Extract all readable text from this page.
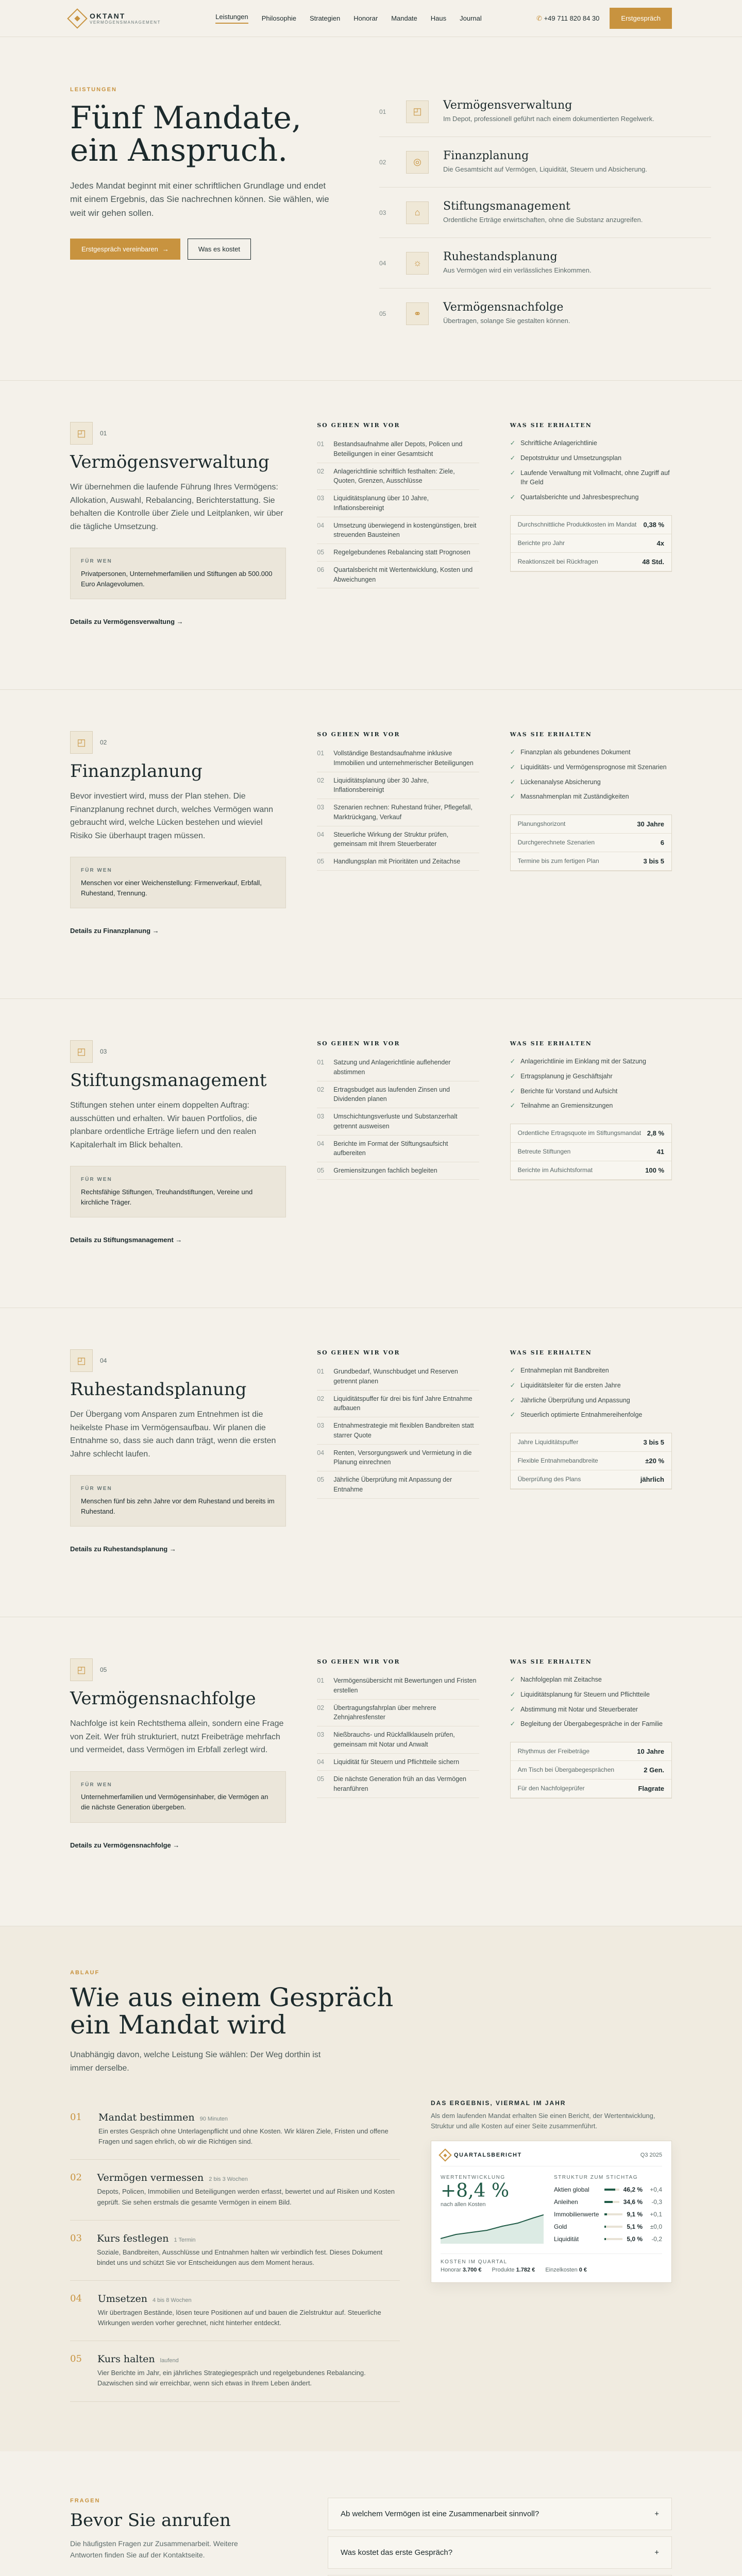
OKTANT
VERMÖGENSMANAGEMENT
Leistungen Philosophie Strategien Honorar Mandate Haus Journal	✆ +49 711 820 84 30	Erstgespräch
LEISTUNGEN
Fünf Mandate,
ein Anspruch.

Jedes Mandat beginnt mit einer schriftlichen Grundlage und endet mit einem Ergebnis, das Sie nachrechnen können. Sie wählen, wie weit wir gehen sollen.

Erstgespräch vereinbaren →	Was es kostet
01	◰	Vermögensverwaltung

Im Depot, professionell geführt nach einem dokumentierten Regelwerk.

02	◎	Finanzplanung

Die Gesamtsicht auf Vermögen, Liquidität, Steuern und Absicherung.

03	⌂	Stiftungsmanagement

Ordentliche Erträge erwirtschaften, ohne die Substanz anzugreifen.

04	☼	Ruhestandsplanung

Aus Vermögen wird ein verlässliches Einkommen.

05	⚭	Vermögensnachfolge

Übertragen, solange Sie gestalten können.

◰	01
Vermögensverwaltung

Wir übernehmen die laufende Führung Ihres Vermögens: Allokation, Auswahl, Rebalancing, Berichterstattung. Sie behalten die Kontrolle über Ziele und Leitplanken, wir über die tägliche Umsetzung.

FÜR WEN
Privatpersonen, Unternehmerfamilien und Stiftungen ab 500.000 Euro Anlagevolumen.
Details zu Vermögensverwaltung →
SO GEHEN WIR VOR
01	Bestandsaufnahme aller Depots, Policen und Beteiligungen in einer Gesamtsicht
02	Anlagerichtlinie schriftlich festhalten: Ziele, Quoten, Grenzen, Ausschlüsse
03	Liquiditätsplanung über 10 Jahre, Inflationsbereinigt
04	Umsetzung überwiegend in kostengünstigen, breit streuenden Bausteinen
05	Regelgebundenes Rebalancing statt Prognosen
06	Quartalsbericht mit Wertentwicklung, Kosten und Abweichungen
WAS SIE ERHALTEN
✓ Schriftliche Anlagerichtlinie
✓ Depotstruktur und Umsetzungsplan
✓ Laufende Verwaltung mit Vollmacht, ohne Zugriff auf Ihr Geld
✓ Quartalsberichte und Jahresbesprechung
Durchschnittliche Produktkosten im Mandat 0,38 %
Berichte pro Jahr	4x
Reaktionszeit bei Rückfragen	48 Std.
◰	02
Finanzplanung

Bevor investiert wird, muss der Plan stehen. Die Finanzplanung rechnet durch, welches Vermögen wann gebraucht wird, welche Lücken bestehen und wieviel Risiko Sie überhaupt tragen müssen.

FÜR WEN
Menschen vor einer Weichenstellung: Firmenverkauf, Erbfall, Ruhestand, Trennung.
Details zu Finanzplanung →
SO GEHEN WIR VOR
01	Vollständige Bestandsaufnahme inklusive Immobilien und unternehmerischer Beteiligungen
02	Liquiditätsplanung über 30 Jahre, Inflationsbereinigt
03	Szenarien rechnen: Ruhestand früher, Pflegefall, Marktrückgang, Verkauf
04	Steuerliche Wirkung der Struktur prüfen, gemeinsam mit Ihrem Steuerberater
05	Handlungsplan mit Prioritäten und Zeitachse
WAS SIE ERHALTEN
✓ Finanzplan als gebundenes Dokument
✓ Liquiditäts- und Vermögensprognose mit Szenarien
✓ Lückenanalyse Absicherung
✓ Massnahmenplan mit Zuständigkeiten
Planungshorizont	30 Jahre
Durchgerechnete Szenarien	6
Termine bis zum fertigen Plan	3 bis 5
◰	03
Stiftungsmanagement

Stiftungen stehen unter einem doppelten Auftrag: ausschütten und erhalten. Wir bauen Portfolios, die planbare ordentliche Erträge liefern und den realen Kapitalerhalt im Blick behalten.

FÜR WEN
Rechtsfähige Stiftungen, Treuhandstiftungen, Vereine und kirchliche Träger.
Details zu Stiftungsmanagement →
SO GEHEN WIR VOR
01	Satzung und Anlagerichtlinie auflehender abstimmen
02	Ertragsbudget aus laufenden Zinsen und Dividenden planen
03	Umschichtungsverluste und Substanzerhalt getrennt ausweisen
04	Berichte im Format der Stiftungsaufsicht aufbereiten
05	Gremiensitzungen fachlich begleiten
WAS SIE ERHALTEN
✓ Anlagerichtlinie im Einklang mit der Satzung
✓ Ertragsplanung je Geschäftsjahr
✓ Berichte für Vorstand und Aufsicht
✓ Teilnahme an Gremiensitzungen
Ordentliche Ertragsquote im Stiftungsmandat 2,8 %
Betreute Stiftungen	41
Berichte im Aufsichtsformat	100 %
◰	04
Ruhestandsplanung

Der Übergang vom Ansparen zum Entnehmen ist die heikelste Phase im Vermögensaufbau. Wir planen die Entnahme so, dass sie auch dann trägt, wenn die ersten Jahre schlecht laufen.

FÜR WEN
Menschen fünf bis zehn Jahre vor dem Ruhestand und bereits im Ruhestand.
Details zu Ruhestandsplanung →
SO GEHEN WIR VOR
01	Grundbedarf, Wunschbudget und Reserven getrennt planen
02	Liquiditätspuffer für drei bis fünf Jahre Entnahme aufbauen
03	Entnahmestrategie mit flexiblen Bandbreiten statt starrer Quote
04	Renten, Versorgungswerk und Vermietung in die Planung einrechnen
05	Jährliche Überprüfung mit Anpassung der Entnahme
WAS SIE ERHALTEN
✓ Entnahmeplan mit Bandbreiten
✓ Liquiditätsleiter für die ersten Jahre
✓ Jährliche Überprüfung und Anpassung
✓ Steuerlich optimierte Entnahmereihenfolge
Jahre Liquiditätspuffer	3 bis 5
Flexible Entnahmebandbreite	±20 %
Überprüfung des Plans	jährlich
◰	05
Vermögensnachfolge

Nachfolge ist kein Rechtsthema allein, sondern eine Frage von Zeit. Wer früh strukturiert, nutzt Freibeträge mehrfach und vermeidet, dass Vermögen im Erbfall zerlegt wird.

FÜR WEN
Unternehmerfamilien und Vermögensinhaber, die Vermögen an die nächste Generation übergeben.
Details zu Vermögensnachfolge →
SO GEHEN WIR VOR
01	Vermögensübersicht mit Bewertungen und Fristen erstellen
02	Übertragungsfahrplan über mehrere Zehnjahresfenster
03	Nießbrauchs- und Rückfallklauseln prüfen, gemeinsam mit Notar und Anwalt
04	Liquidität für Steuern und Pflichtteile sichern
05	Die nächste Generation früh an das Vermögen heranführen
WAS SIE ERHALTEN
✓ Nachfolgeplan mit Zeitachse
✓ Liquiditätsplanung für Steuern und Pflichtteile
✓ Abstimmung mit Notar und Steuerberater
✓ Begleitung der Übergabegespräche in der Familie
Rhythmus der Freibeträge	10 Jahre
Am Tisch bei Übergabegesprächen	2 Gen.
Für den Nachfolgeprüfer	Flagrate
ABLAUF
Wie aus einem Gespräch
ein Mandat wird

Unabhängig davon, welche Leistung Sie wählen: Der Weg dorthin ist immer derselbe.

01 Mandat bestimmen 90 Minuten

Ein erstes Gespräch ohne Unterlagenpflicht und ohne Kosten. Wir klären Ziele, Fristen und offene Fragen und sagen ehrlich, ob wir die Richtigen sind.

02 Vermögen vermessen 2 bis 3 Wochen

Depots, Policen, Immobilien und Beteiligungen werden erfasst, bewertet und auf Risiken und Kosten geprüft. Sie sehen erstmals die gesamte Vermögen in einem Bild.

03 Kurs festlegen 1 Termin

Soziale, Bandbreiten, Ausschlüsse und Entnahmen halten wir verbindlich fest. Dieses Dokument bindet uns und schützt Sie vor Entscheidungen aus dem Moment heraus.

04 Umsetzen 4 bis 8 Wochen

Wir übertragen Bestände, lösen teure Positionen auf und bauen die Zielstruktur auf. Steuerliche Wirkungen werden vorher gerechnet, nicht hinterher entdeckt.

05 Kurs halten laufend

Vier Berichte im Jahr, ein jährliches Strategiegespräch und regelgebundenes Rebalancing. Dazwischen sind wir erreichbar, wenn sich etwas in Ihrem Leben ändert.

DAS ERGEBNIS, VIERMAL IM JAHR

Als dem laufenden Mandat erhalten Sie einen Bericht, der Wertentwicklung, Struktur und alle Kosten auf einer Seite zusammenführt.

QUARTALSBERICHT	Q3 2025
WERTENTWICKLUNG
+8,4 %
nach allen Kosten
STRUKTUR ZUM STICHTAG
Aktien global	46,2 %	+0,4
Anleihen	34,6 %	-0,3
Immobilienwerte	9,1 %	+0,1
Gold	5,1 %	±0,0
Liquidität	5,0 %	-0,2
KOSTEN IM QUARTAL
Honorar 3.700 € Produkte 1.782 € Einzelkosten 0 €
FRAGEN
Bevor Sie anrufen

Die häufigsten Fragen zur Zusammenarbeit. Weitere Antworten finden Sie auf der Kontaktseite.

Ab welchem Vermögen ist eine Zusammenarbeit sinnvoll?	+
Was kostet das erste Gespräch?	+
